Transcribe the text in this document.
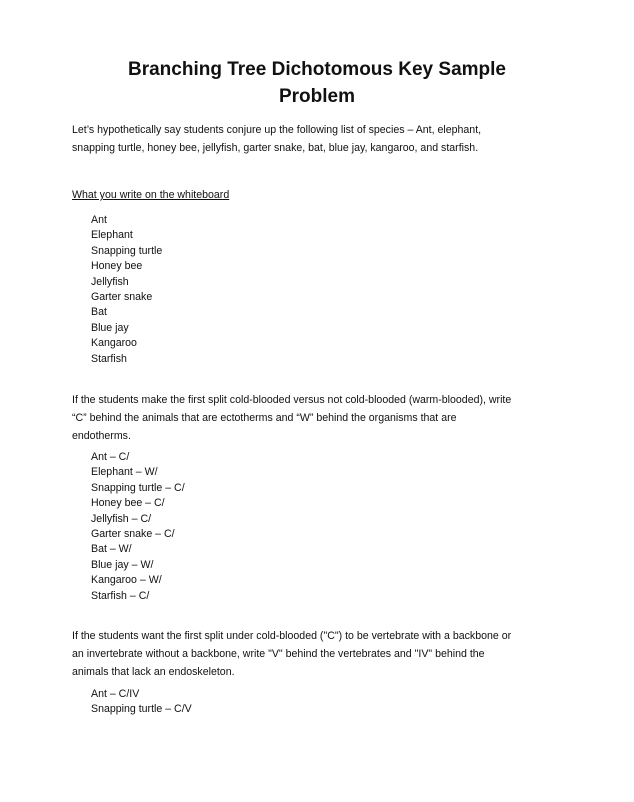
Branching Tree Dichotomous Key Sample
Problem
Let’s hypothetically say students conjure up the following list of species – Ant, elephant,
snapping turtle, honey bee, jellyfish, garter snake, bat, blue jay, kangaroo, and starfish.
What you write on the whiteboard
Ant
Elephant
Snapping turtle
Honey bee
Jellyfish
Garter snake
Bat
Blue jay
Kangaroo
Starfish
If the students make the first split cold-blooded versus not cold-blooded (warm-blooded), write
“C” behind the animals that are ectotherms and “W” behind the organisms that are
endotherms.
Ant – C/
Elephant – W/
Snapping turtle – C/
Honey bee – C/
Jellyfish – C/
Garter snake – C/
Bat – W/
Blue jay – W/
Kangaroo – W/
Starfish – C/
If the students want the first split under cold-blooded ("C") to be vertebrate with a backbone or
an invertebrate without a backbone, write "V" behind the vertebrates and "IV" behind the
animals that lack an endoskeleton.
Ant – C/IV
Snapping turtle – C/V
